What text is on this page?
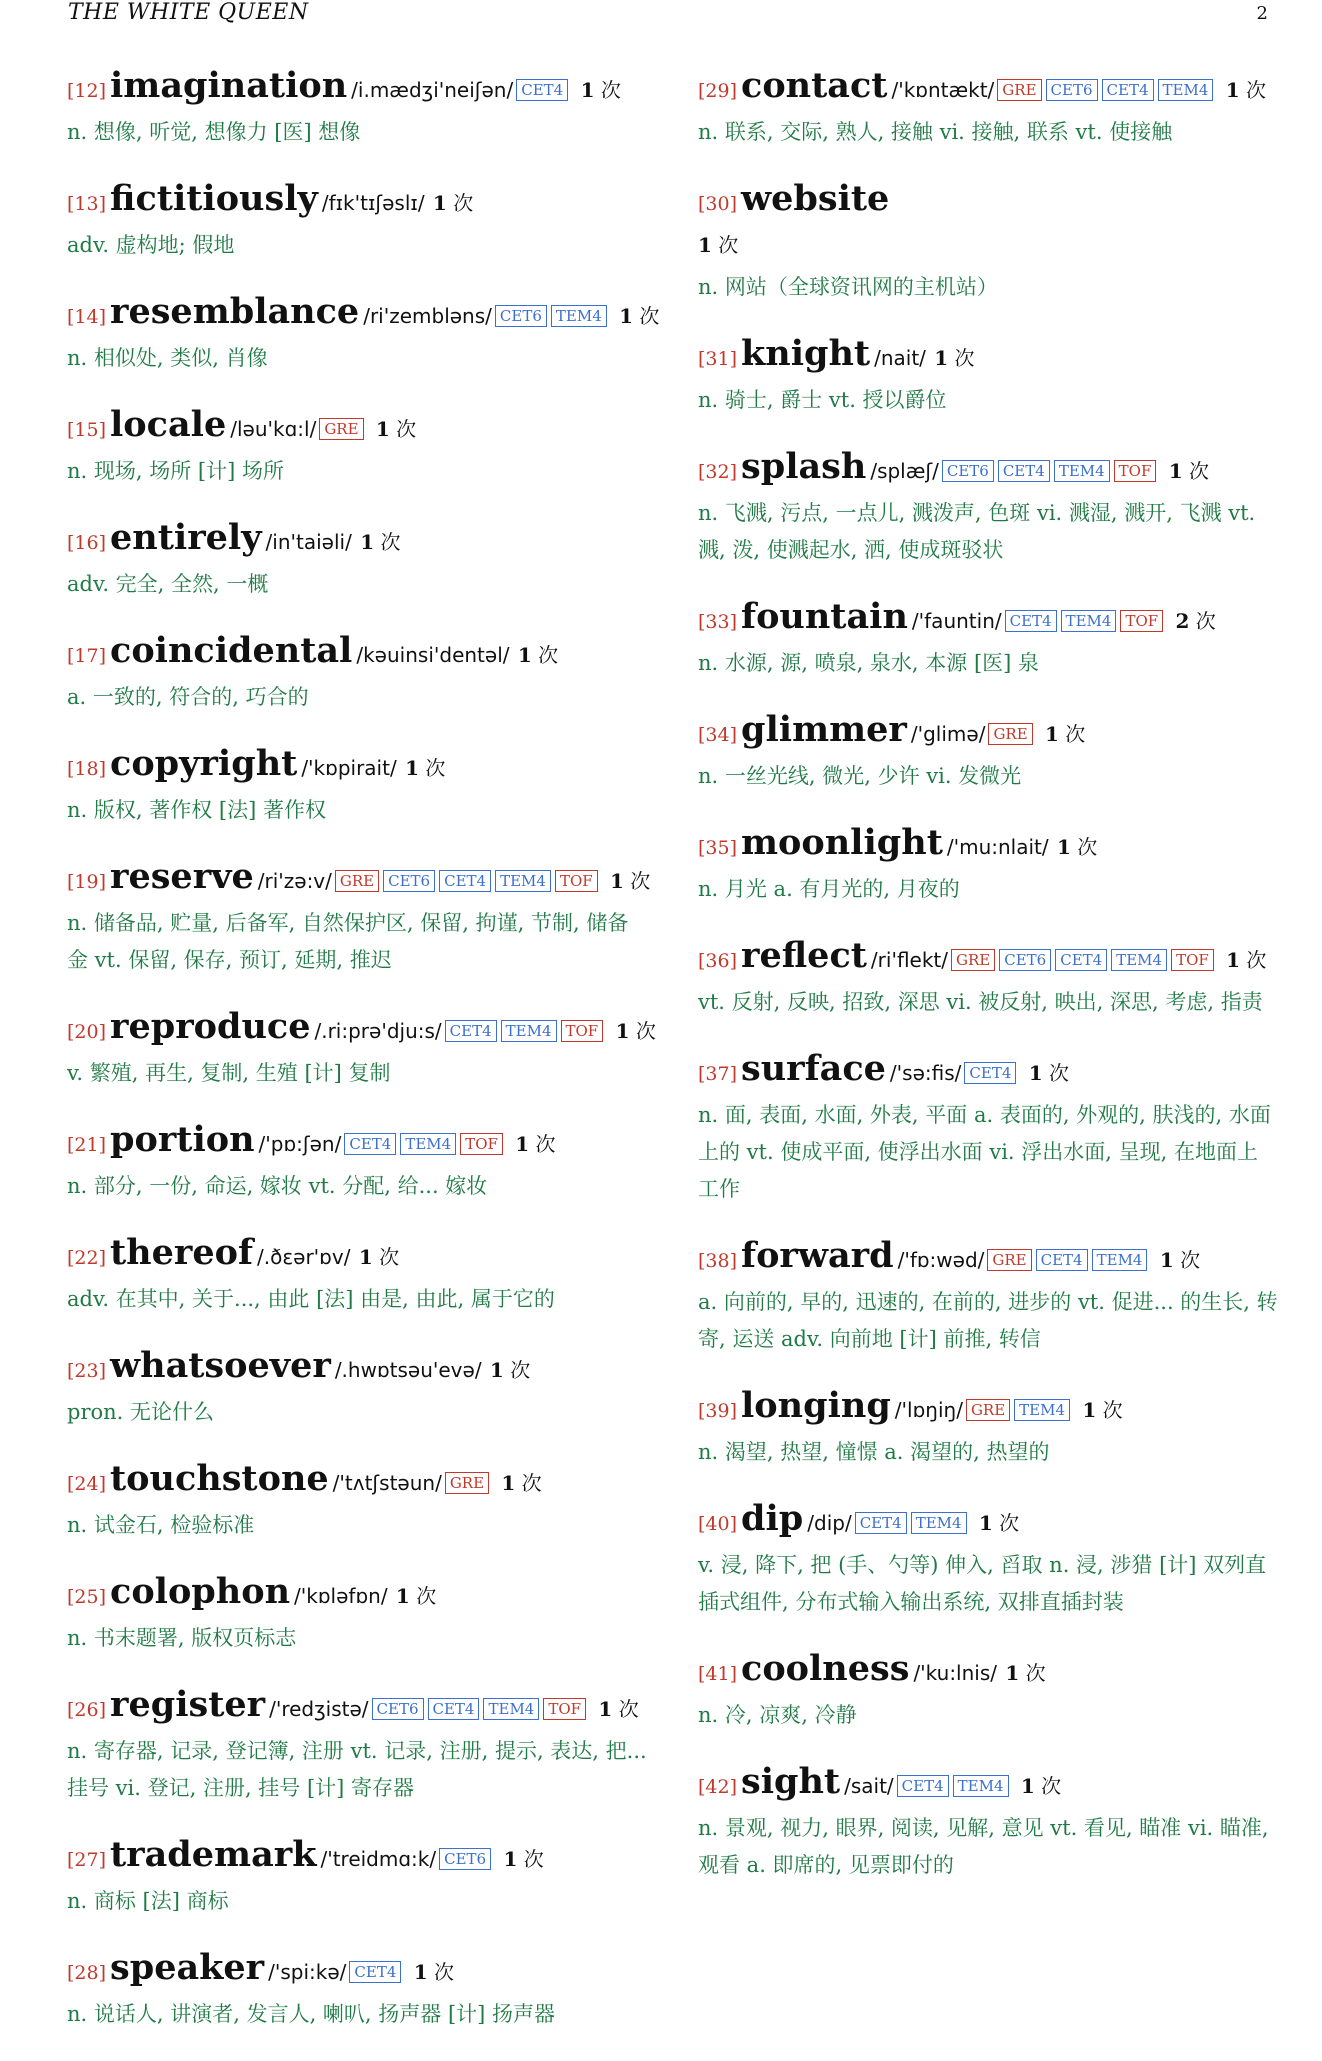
THE WHITE QUEEN	2
[12] imagination /i.mædʒi'neiʃən/ CET4 1 次
n. 想像, 听觉, 想像力 [医] 想像
[13] fictitiously /fɪk'tɪʃəslɪ/ 1 次
adv. 虚构地; 假地
[14] resemblance /ri'zembləns/ CET6 TEM4 1 次
n. 相似处, 类似, 肖像
[15] locale /ləu'kɑ:l/ GRE 1 次
n. 现场, 场所 [计] 场所
[16] entirely /in'taiəli/ 1 次
adv. 完全, 全然, 一概
[17] coincidental /kəuinsi'dentəl/ 1 次
a. 一致的, 符合的, 巧合的
[18] copyright /'kɒpirait/ 1 次
n. 版权, 著作权 [法] 著作权
[19] reserve /ri'zə:v/ GRE CET6 CET4 TEM4 TOF 1 次
n. 储备品, 贮量, 后备军, 自然保护区, 保留, 拘谨, 节制, 储备金 vt. 保留, 保存, 预订, 延期, 推迟
[20] reproduce /.ri:prə'dju:s/ CET4 TEM4 TOF 1 次
v. 繁殖, 再生, 复制, 生殖 [计] 复制
[21] portion /'pɒ:ʃən/ CET4 TEM4 TOF 1 次
n. 部分, 一份, 命运, 嫁妆 vt. 分配, 给... 嫁妆
[22] thereof /.ðεər'ɒv/ 1 次
adv. 在其中, 关于..., 由此 [法] 由是, 由此, 属于它的
[23] whatsoever /.hwɒtsəu'evə/ 1 次
pron. 无论什么
[24] touchstone /'tʌtʃstəun/ GRE 1 次
n. 试金石, 检验标准
[25] colophon /'kɒləfɒn/ 1 次
n. 书末题署, 版权页标志
[26] register /'redʒistə/ CET6 CET4 TEM4 TOF 1 次
n. 寄存器, 记录, 登记簿, 注册 vt. 记录, 注册, 提示, 表达, 把... 挂号 vi. 登记, 注册, 挂号 [计] 寄存器
[27] trademark /'treidmɑ:k/ CET6 1 次
n. 商标 [法] 商标
[28] speaker /'spi:kə/ CET4 1 次
n. 说话人, 讲演者, 发言人, 喇叭, 扬声器 [计] 扬声器
[29] contact /'kɒntækt/ GRE CET6 CET4 TEM4 1 次
n. 联系, 交际, 熟人, 接触 vi. 接触, 联系 vt. 使接触
[30] website
1 次
n. 网站（全球资讯网的主机站）
[31] knight /nait/ 1 次
n. 骑士, 爵士 vt. 授以爵位
[32] splash /splæʃ/ CET6 CET4 TEM4 TOF 1 次
n. 飞溅, 污点, 一点儿, 溅泼声, 色斑 vi. 溅湿, 溅开, 飞溅 vt. 溅, 泼, 使溅起水, 洒, 使成斑驳状
[33] fountain /'fauntin/ CET4 TEM4 TOF 2 次
n. 水源, 源, 喷泉, 泉水, 本源 [医] 泉
[34] glimmer /'glimə/ GRE 1 次
n. 一丝光线, 微光, 少许 vi. 发微光
[35] moonlight /'mu:nlait/ 1 次
n. 月光 a. 有月光的, 月夜的
[36] reflect /ri'flekt/ GRE CET6 CET4 TEM4 TOF 1 次
vt. 反射, 反映, 招致, 深思 vi. 被反射, 映出, 深思, 考虑, 指责
[37] surface /'sə:fis/ CET4 1 次
n. 面, 表面, 水面, 外表, 平面 a. 表面的, 外观的, 肤浅的, 水面上的 vt. 使成平面, 使浮出水面 vi. 浮出水面, 呈现, 在地面上工作
[38] forward /'fɒ:wəd/ GRE CET4 TEM4 1 次
a. 向前的, 早的, 迅速的, 在前的, 进步的 vt. 促进... 的生长, 转寄, 运送 adv. 向前地 [计] 前推, 转信
[39] longing /'lɒŋiŋ/ GRE TEM4 1 次
n. 渴望, 热望, 憧憬 a. 渴望的, 热望的
[40] dip /dip/ CET4 TEM4 1 次
v. 浸, 降下, 把 (手、勺等) 伸入, 舀取 n. 浸, 涉猎 [计] 双列直插式组件, 分布式输入输出系统, 双排直插封装
[41] coolness /'ku:lnis/ 1 次
n. 冷, 凉爽, 冷静
[42] sight /sait/ CET4 TEM4 1 次
n. 景观, 视力, 眼界, 阅读, 见解, 意见 vt. 看见, 瞄准 vi. 瞄准, 观看 a. 即席的, 见票即付的
